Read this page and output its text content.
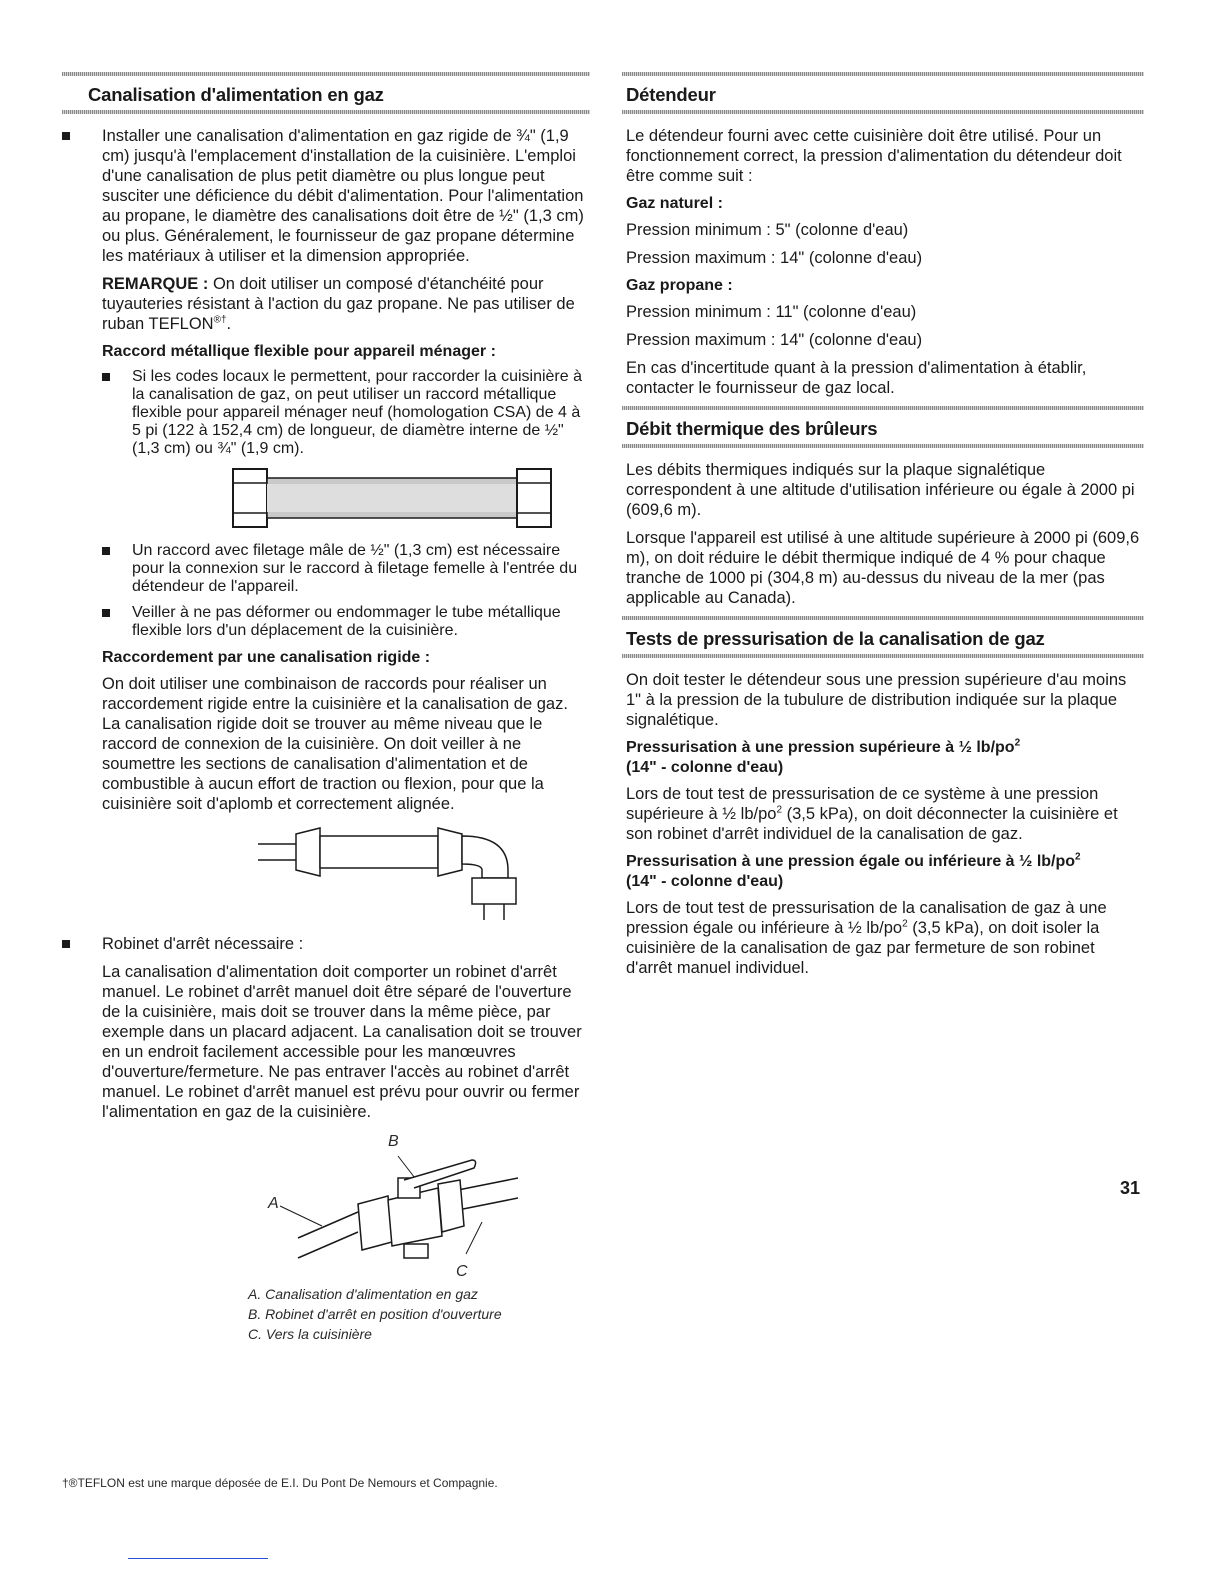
Canalisation d'alimentation en gaz
Installer une canalisation d'alimentation en gaz rigide de ¾" (1,9 cm) jusqu'à l'emplacement d'installation de la cuisinière. L'emploi d'une canalisation de plus petit diamètre ou plus longue peut susciter une déficience du débit d'alimentation. Pour l'alimentation au propane, le diamètre des canalisations doit être de ½" (1,3 cm) ou plus. Généralement, le fournisseur de gaz propane détermine les matériaux à utiliser et la dimension appropriée.

REMARQUE : On doit utiliser un composé d'étanchéité pour tuyauteries résistant à l'action du gaz propane. Ne pas utiliser de ruban TEFLON®†.

Raccord métallique flexible pour appareil ménager :
Si les codes locaux le permettent, pour raccorder la cuisinière à la canalisation de gaz, on peut utiliser un raccord métallique flexible pour appareil ménager neuf (homologation CSA) de 4 à 5 pi (122 à 152,4 cm) de longueur, de diamètre interne de ½" (1,3 cm) ou ¾" (1,9 cm).
Un raccord avec filetage mâle de ½" (1,3 cm) est nécessaire pour la connexion sur le raccord à filetage femelle à l'entrée du détendeur de l'appareil.
Veiller à ne pas déformer ou endommager le tube métallique flexible lors d'un déplacement de la cuisinière.
Raccordement par une canalisation rigide :

On doit utiliser une combinaison de raccords pour réaliser un raccordement rigide entre la cuisinière et la canalisation de gaz. La canalisation rigide doit se trouver au même niveau que le raccord de connexion de la cuisinière. On doit veiller à ne soumettre les sections de canalisation d'alimentation et de combustible à aucun effort de traction ou flexion, pour que la cuisinière soit d'aplomb et correctement alignée.

Robinet d'arrêt nécessaire :

La canalisation d'alimentation doit comporter un robinet d'arrêt manuel. Le robinet d'arrêt manuel doit être séparé de l'ouverture de la cuisinière, mais doit se trouver dans la même pièce, par exemple dans un placard adjacent. La canalisation doit se trouver en un endroit facilement accessible pour les manœuvres d'ouverture/fermeture. Ne pas entraver l'accès au robinet d'arrêt manuel. Le robinet d'arrêt manuel est prévu pour ouvrir ou fermer l'alimentation en gaz de la cuisinière.

B
A
C
A. Canalisation d'alimentation en gaz
B. Robinet d'arrêt en position d'ouverture
C. Vers la cuisinière
Détendeur

Le détendeur fourni avec cette cuisinière doit être utilisé. Pour un fonctionnement correct, la pression d'alimentation du détendeur doit être comme suit :

Gaz naturel :

Pression minimum : 5" (colonne d'eau)

Pression maximum : 14" (colonne d'eau)

Gaz propane :

Pression minimum : 11" (colonne d'eau)

Pression maximum : 14" (colonne d'eau)

En cas d'incertitude quant à la pression d'alimentation à établir, contacter le fournisseur de gaz local.

Débit thermique des brûleurs

Les débits thermiques indiqués sur la plaque signalétique correspondent à une altitude d'utilisation inférieure ou égale à 2000 pi (609,6 m).

Lorsque l'appareil est utilisé à une altitude supérieure à 2000 pi (609,6 m), on doit réduire le débit thermique indiqué de 4 % pour chaque tranche de 1000 pi (304,8 m) au-dessus du niveau de la mer (pas applicable au Canada).

Tests de pressurisation de la canalisation de gaz

On doit tester le détendeur sous une pression supérieure d'au moins 1" à la pression de la tubulure de distribution indiquée sur la plaque signalétique.

Pressurisation à une pression supérieure à ½ $lb/po^2$
(14" - colonne d'eau)

Lors de tout test de pressurisation de ce système à une pression supérieure à ½ $lb/po^2$ (3,5 kPa), on doit déconnecter la cuisinière et son robinet d'arrêt individuel de la canalisation de gaz.

Pressurisation à une pression égale ou inférieure à ½ $lb/po^2$
(14" - colonne d'eau)

Lors de tout test de pressurisation de la canalisation de gaz à une pression égale ou inférieure à ½ $lb/po^2$ (3,5 kPa), on doit isoler la cuisinière de la canalisation de gaz par fermeture de son robinet d'arrêt manuel individuel.

31
†®TEFLON est une marque déposée de E.I. Du Pont De Nemours et Compagnie.
